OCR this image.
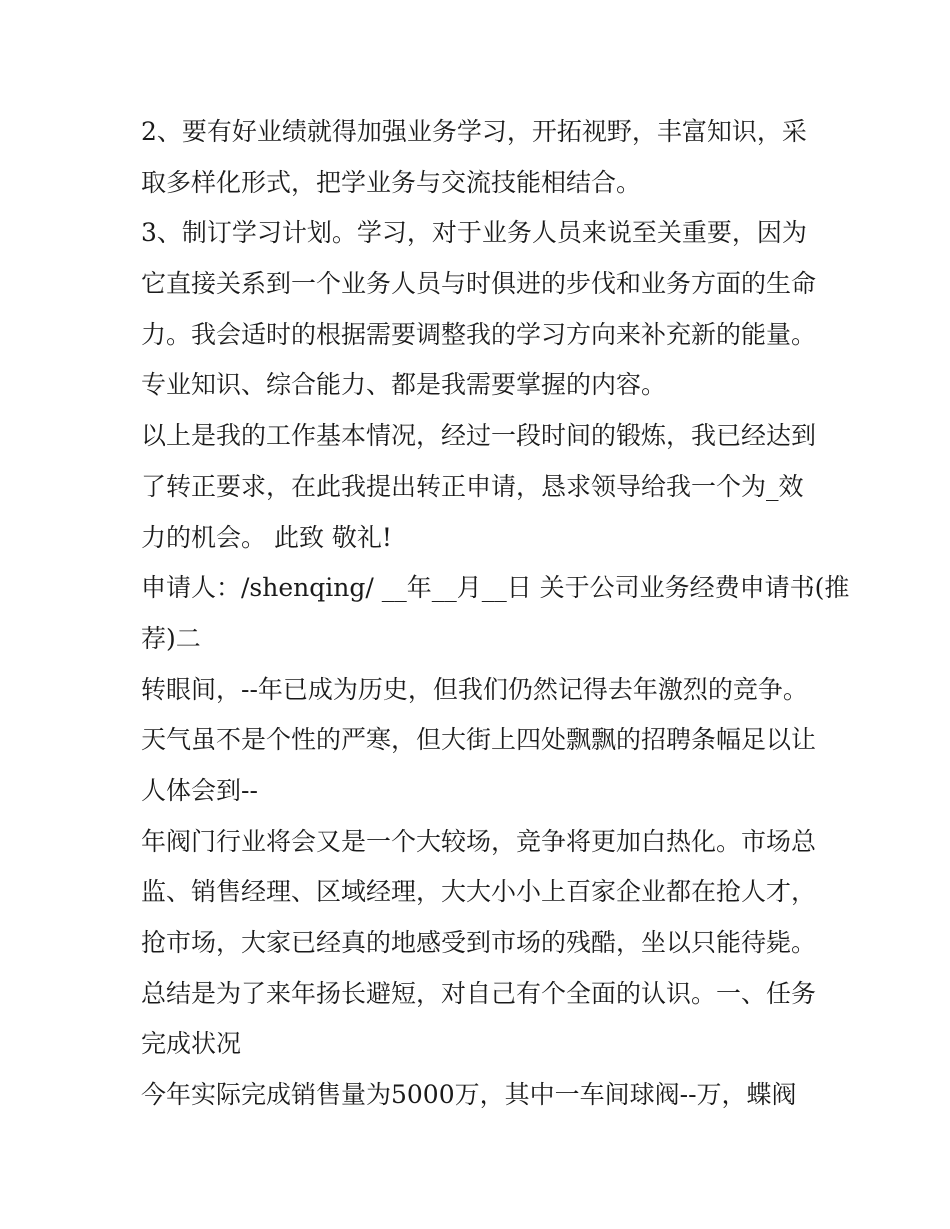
2、要有好业绩就得加强业务学习，开拓视野，丰富知识，采
取多样化形式，把学业务与交流技能相结合。
3、制订学习计划。学习，对于业务人员来说至关重要，因为
它直接关系到一个业务人员与时俱进的步伐和业务方面的生命
力。我会适时的根据需要调整我的学习方向来补充新的能量。
专业知识、综合能力、都是我需要掌握的内容。
以上是我的工作基本情况，经过一段时间的锻炼，我已经达到
了转正要求，在此我提出转正申请，恳求领导给我一个为_效
力的机会。 此致 敬礼!
申请人：/shenqing/ __年__月__日 关于公司业务经费申请书(推
荐)二
转眼间，--年已成为历史，但我们仍然记得去年激烈的竞争。
天气虽不是个性的严寒，但大街上四处飘飘的招聘条幅足以让
人体会到--
年阀门行业将会又是一个大较场，竞争将更加白热化。市场总
监、销售经理、区域经理，大大小小上百家企业都在抢人才，
抢市场，大家已经真的地感受到市场的残酷，坐以只能待毙。
总结是为了来年扬长避短，对自己有个全面的认识。一、任务
完成状况
今年实际完成销售量为5000万，其中一车间球阀--万，蝶阀
